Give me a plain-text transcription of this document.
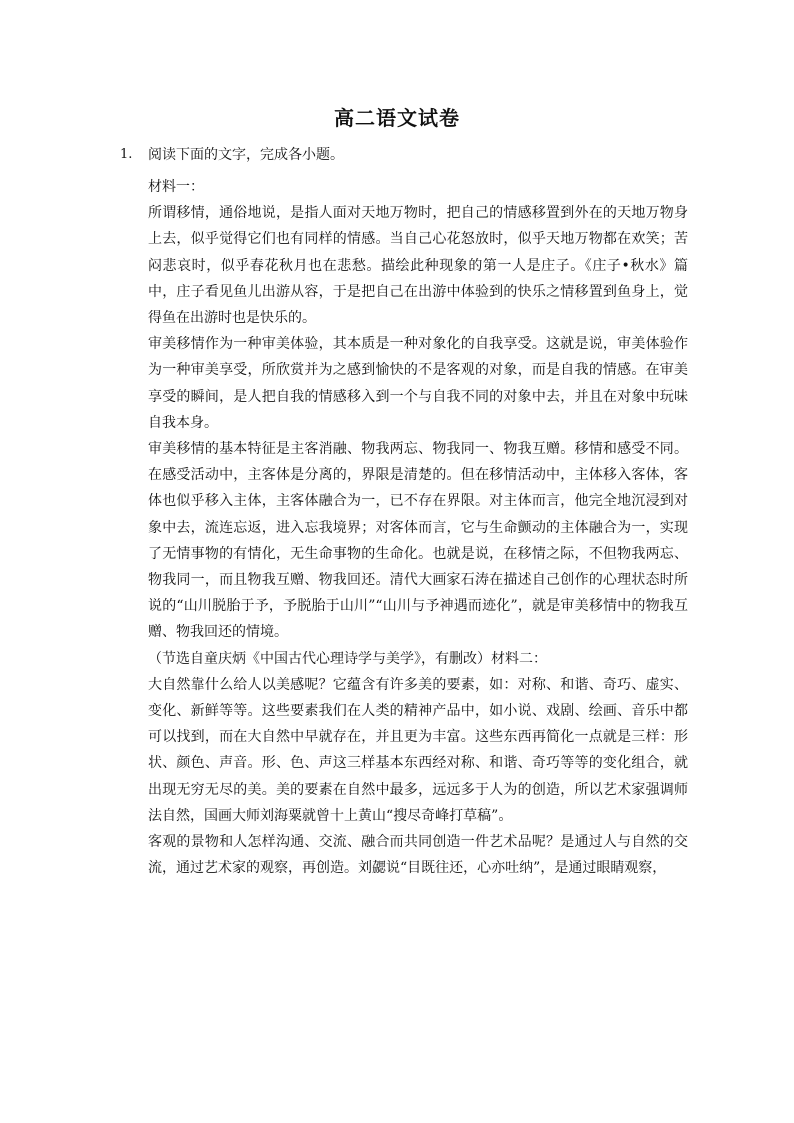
高二语文试卷
1. 阅读下面的文字，完成各小题。

材料一：

所谓移情，通俗地说，是指人面对天地万物时，把自己的情感移置到外在的天地万物身上去，似乎觉得它们也有同样的情感。当自己心花怒放时，似乎天地万物都在欢笑；苦闷悲哀时，似乎春花秋月也在悲愁。描绘此种现象的第一人是庄子。《庄子•秋水》篇中，庄子看见鱼儿出游从容，于是把自己在出游中体验到的快乐之情移置到鱼身上，觉得鱼在出游时也是快乐的。

审美移情作为一种审美体验，其本质是一种对象化的自我享受。这就是说，审美体验作为一种审美享受，所欣赏并为之感到愉快的不是客观的对象，而是自我的情感。在审美享受的瞬间，是人把自我的情感移入到一个与自我不同的对象中去，并且在对象中玩味自我本身。

审美移情的基本特征是主客消融、物我两忘、物我同一、物我互赠。移情和感受不同。在感受活动中，主客体是分离的，界限是清楚的。但在移情活动中，主体移入客体，客体也似乎移入主体，主客体融合为一，已不存在界限。对主体而言，他完全地沉浸到对象中去，流连忘返，进入忘我境界；对客体而言，它与生命颤动的主体融合为一，实现了无情事物的有情化，无生命事物的生命化。也就是说，在移情之际，不但物我两忘、物我同一，而且物我互赠、物我回还。清代大画家石涛在描述自己创作的心理状态时所说的“山川脱胎于予，予脱胎于山川”“山川与予神遇而迹化”，就是审美移情中的物我互赠、物我回还的情境。

（节选自童庆炳《中国古代心理诗学与美学》，有删改）材料二：

大自然靠什么给人以美感呢？它蕴含有许多美的要素，如：对称、和谐、奇巧、虚实、变化、新鲜等等。这些要素我们在人类的精神产品中，如小说、戏剧、绘画、音乐中都可以找到，而在大自然中早就存在，并且更为丰富。这些东西再简化一点就是三样：形状、颜色、声音。形、色、声这三样基本东西经对称、和谐、奇巧等等的变化组合，就出现无穷无尽的美。美的要素在自然中最多，远远多于人为的创造，所以艺术家强调师法自然，国画大师刘海粟就曾十上黄山“搜尽奇峰打草稿”。

客观的景物和人怎样沟通、交流、融合而共同创造一件艺术品呢？是通过人与自然的交流，通过艺术家的观察，再创造。刘勰说“目既往还，心亦吐纳”，是通过眼睛观察，
